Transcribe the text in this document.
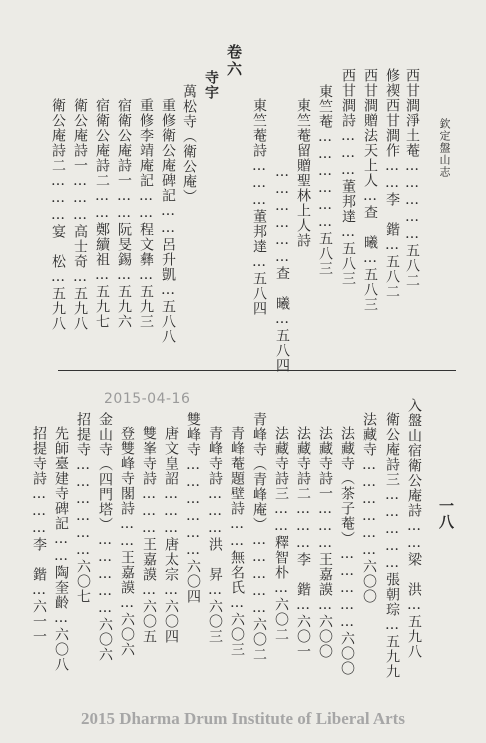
欽定盤山志
西甘澗淨土菴……………五八二
修禊西甘澗作……李　鍇…五八二
西甘澗贈法天上人…查　曦…五八三
西甘澗詩………董邦達…五八三
東竺菴………………五八三
東竺菴留贈聖林上人詩
………………查　曦…五八四
東竺菴詩………董邦達…五八四
卷六
寺宇
萬松寺（衛公庵）
重修衛公庵碑記……呂升凱…五八八
重修李靖庵記……程文彝…五九三
宿衛公庵詩一……阮旻錫…五九六
宿衛公庵詩二……鄭續祖…五九七
衛公庵詩一………高士奇…五九八
衛公庵詩二………宴　松…五九八
一八
入盤山宿衛公庵詩……梁　洪…五九八
衛公庵詩三……………張朝琮…五九九
法藏寺………………六〇〇
法藏寺（茶子菴）……………六〇〇
法藏寺詩一………王嘉謨…六〇〇
法藏寺詩二………李　鍇…六〇一
法藏寺詩三……釋智朴…六〇二
青峰寺（青峰庵）……………六〇二
青峰菴題壁詩……無名氏…六〇三
青峰寺詩………洪　昇…六〇三
雙峰寺………………六〇四
唐文皇詔………唐太宗…六〇四
雙峯寺詩………王嘉謨…六〇五
登雙峰寺閣詩……王嘉謨…六〇六
金山寺（四門塔）……………六〇六
招提寺………………六〇七
先師臺建寺碑記……陶奎齡…六〇八
招提寺詩………李　鍇…六一一
2015-04-16
2015 Dharma Drum Institute of Liberal Arts
